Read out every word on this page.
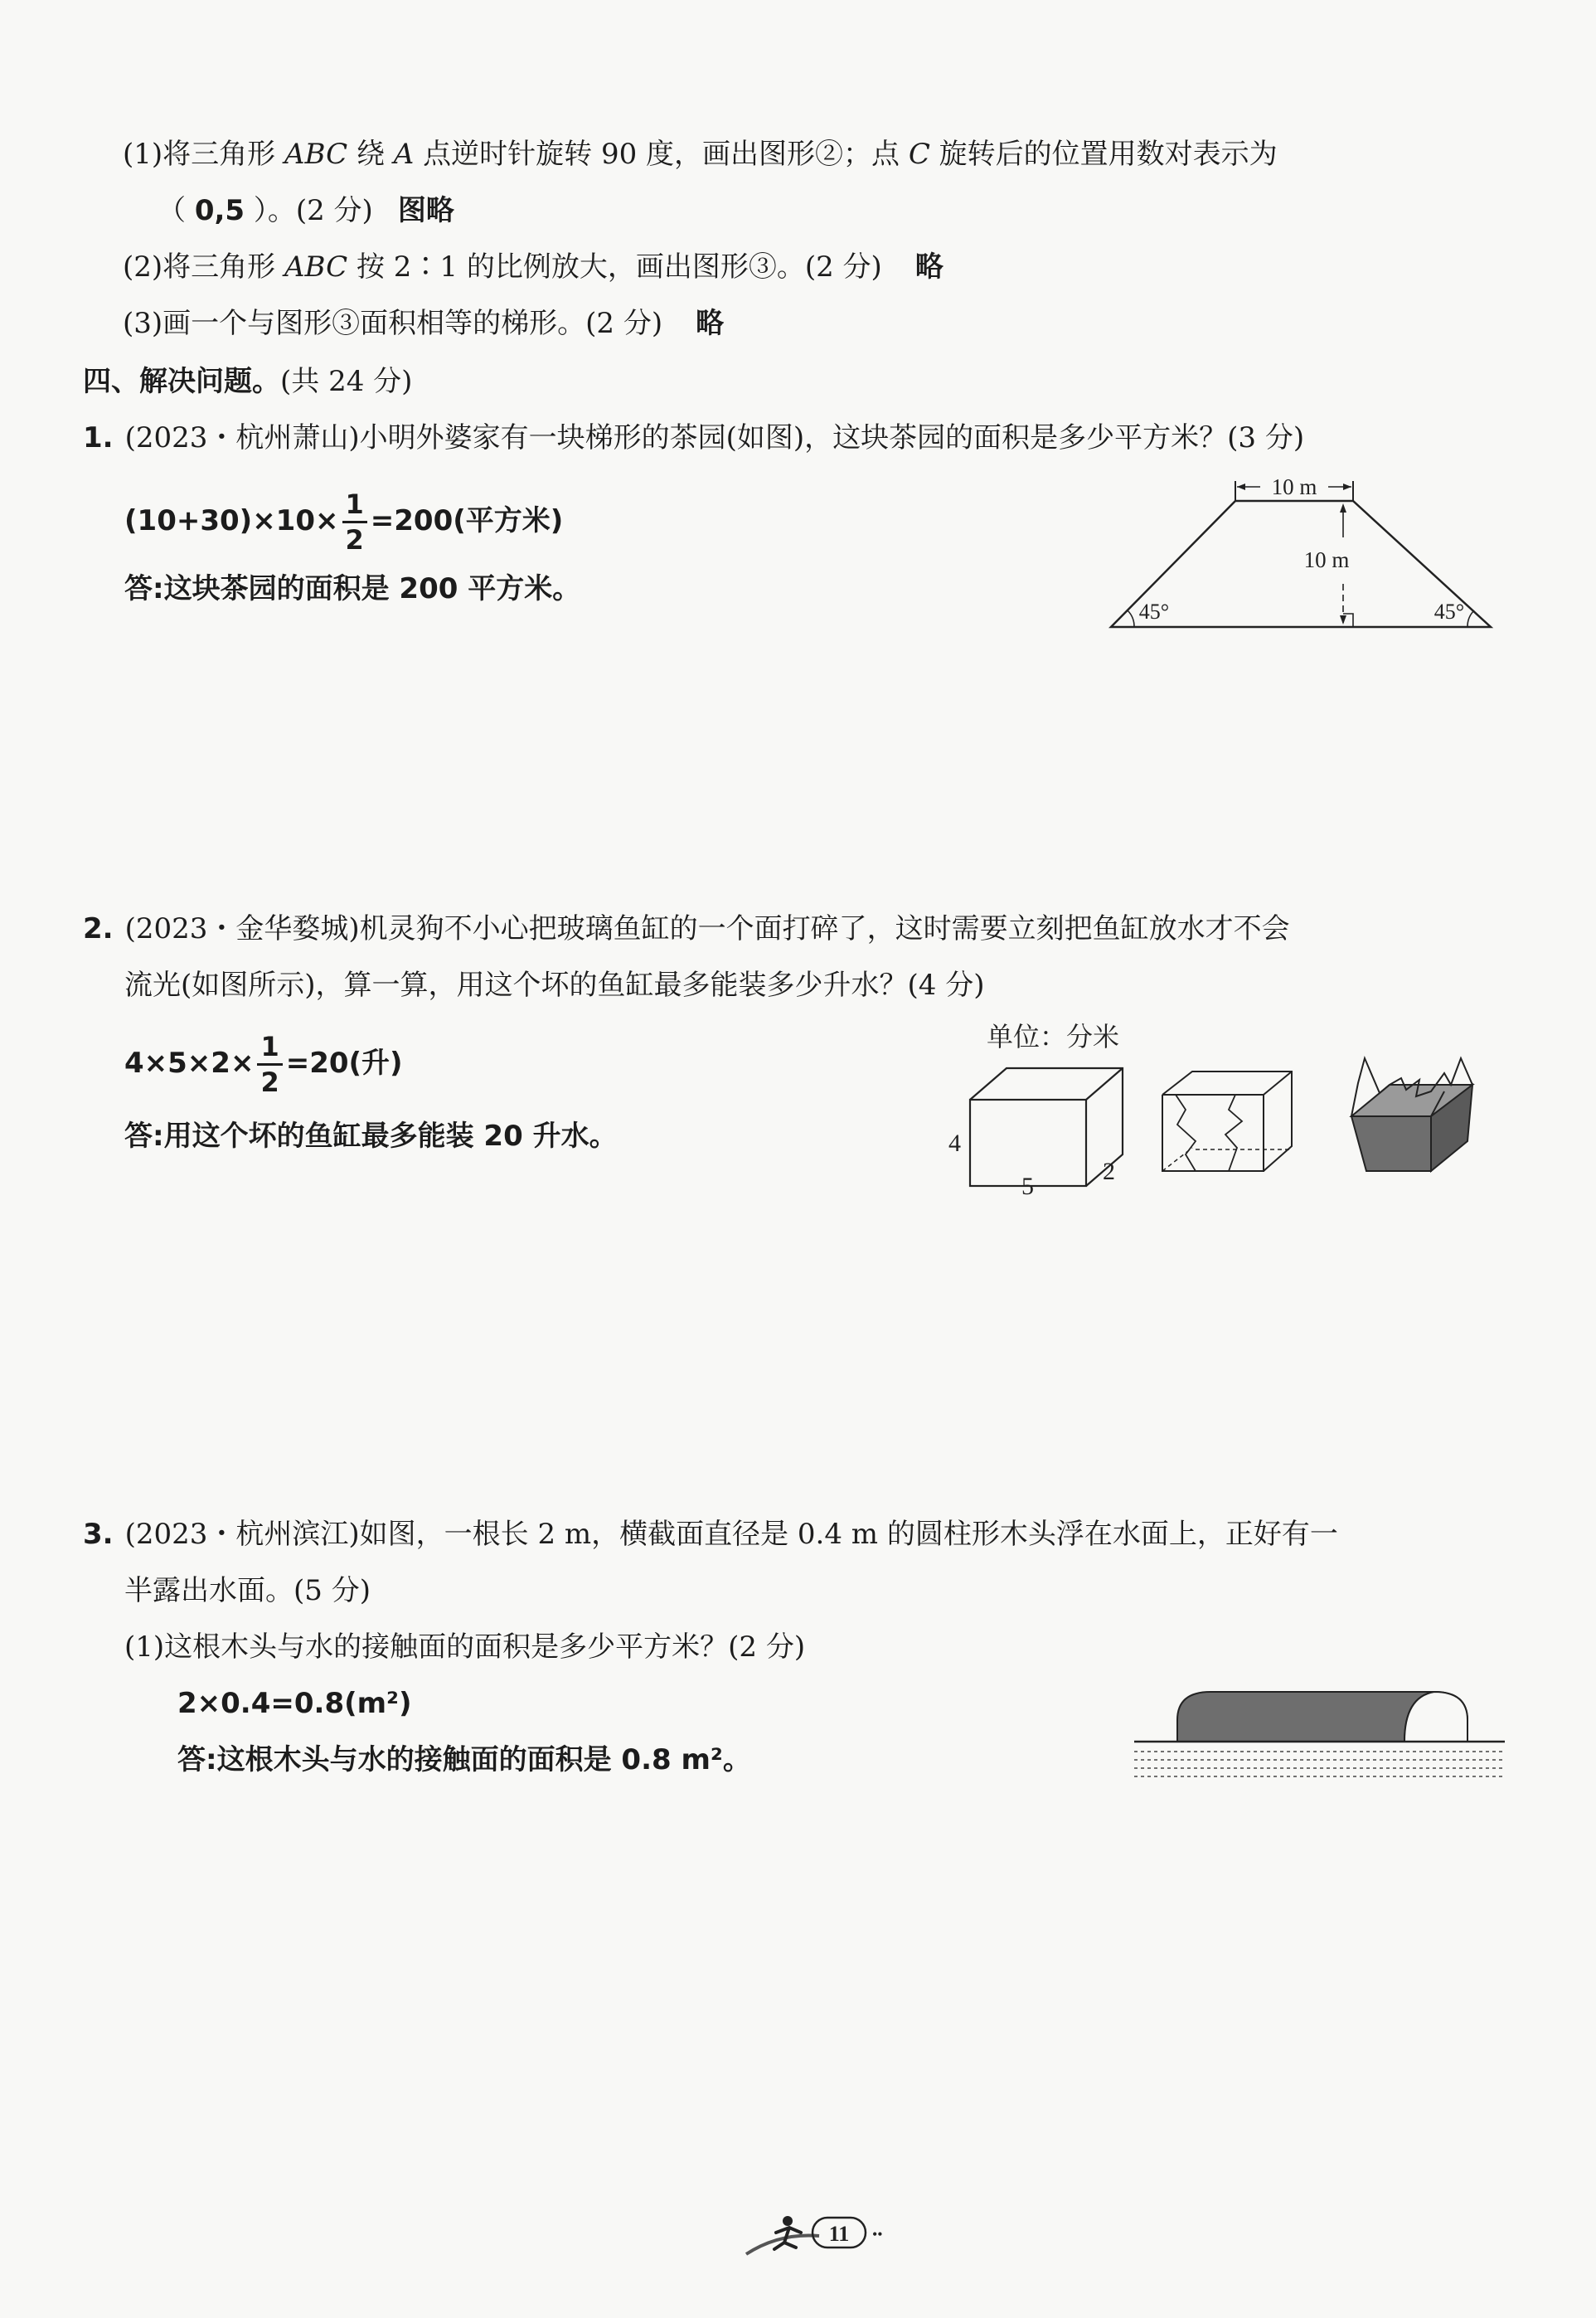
(1)将三角形 ABC 绕 A 点逆时针旋转 90 度，画出图形②；点 C 旋转后的位置用数对表示为
（ 0,5 ）。(2 分) 图略
(2)将三角形 ABC 按 2∶1 的比例放大，画出图形③。(2 分) 略
(3)画一个与图形③面积相等的梯形。(2 分) 略
四、解决问题。(共 24 分)
1. (2023・杭州萧山)小明外婆家有一块梯形的茶园(如图)，这块茶园的面积是多少平方米？(3 分)
$(10+30)\times 10\times \frac{1}{2} =200$(平方米)
答:这块茶园的面积是 200 平方米。
10 m
10 m
45°	45°
2. (2023・金华婺城)机灵狗不小心把玻璃鱼缸的一个面打碎了，这时需要立刻把鱼缸放水才不会
流光(如图所示)，算一算，用这个坏的鱼缸最多能装多少升水？(4 分)
$4\times 5\times 2\times \frac{1}{2} =20$(升)
答:用这个坏的鱼缸最多能装 20 升水。
单位：分米
4
5
2
3. (2023・杭州滨江)如图，一根长 2 m，横截面直径是 0.4 m 的圆柱形木头浮在水面上，正好有一
半露出水面。(5 分)
(1)这根木头与水的接触面的面积是多少平方米？(2 分)
2×0.4=0.8(m²)
答:这根木头与水的接触面的面积是 0.8 m²。
11 ••
